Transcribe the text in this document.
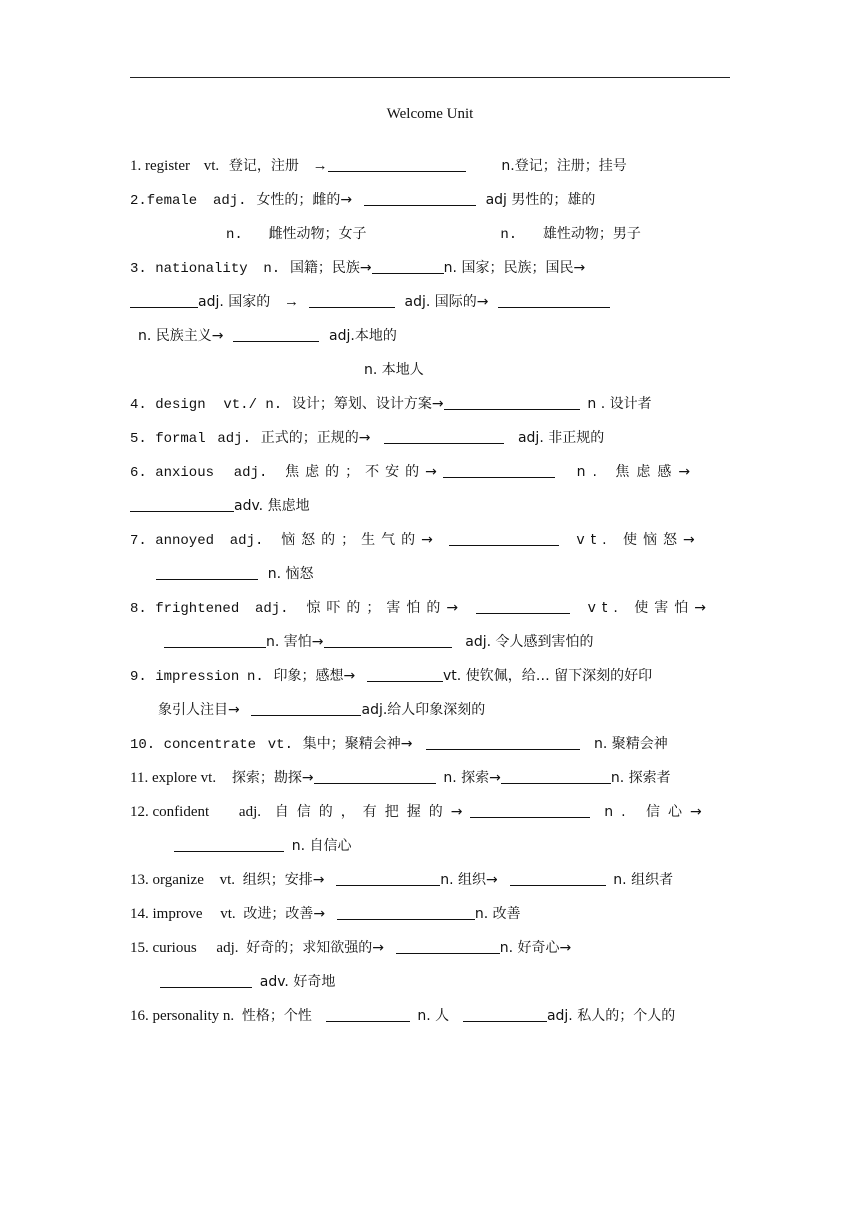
Welcome Unit
1. register vt. 登记，注册 →	n.登记；注册；挂号
2.female adj. 女性的；雌的→	adj 男性的；雄的
n. 雌性动物；女子	n. 雄性动物；男子
3. nationality n. 国籍；民族→	n. 国家；民族；国民→
adj. 国家的 →	adj. 国际的→
n. 民族主义→	adj.本地的
n. 本地人
4. design vt./ n. 设计；筹划、设计方案→	n . 设计者
5. formal adj. 正式的；正规的→	adj. 非正规的
6. anxious adj. 焦虑的；不安的→	n. 焦虑感→
adv. 焦虑地
7. annoyed adj. 恼怒的；生气的→	vt. 使恼怒→
n. 恼怒
8. frightened adj. 惊吓的；害怕的→	vt. 使害怕→
n. 害怕→	adj. 令人感到害怕的
9. impression n. 印象；感想→	vt. 使钦佩，给… 留下深刻的好印
象引人注目→	adj.给人印象深刻的
10. concentrate vt. 集中；聚精会神→	n. 聚精会神
11. explore vt. 探索；勘探→	n. 探索→	n. 探索者
12. confident adj. 自信的，有把握的→	n. 信心→
n. 自信心
13. organize vt. 组织；安排→	n. 组织→	n. 组织者
14. improve vt. 改进；改善→	n. 改善
15. curious adj. 好奇的；求知欲强的→	n. 好奇心→
adv. 好奇地
16. personality n. 性格；个性	n. 人	adj. 私人的；个人的
